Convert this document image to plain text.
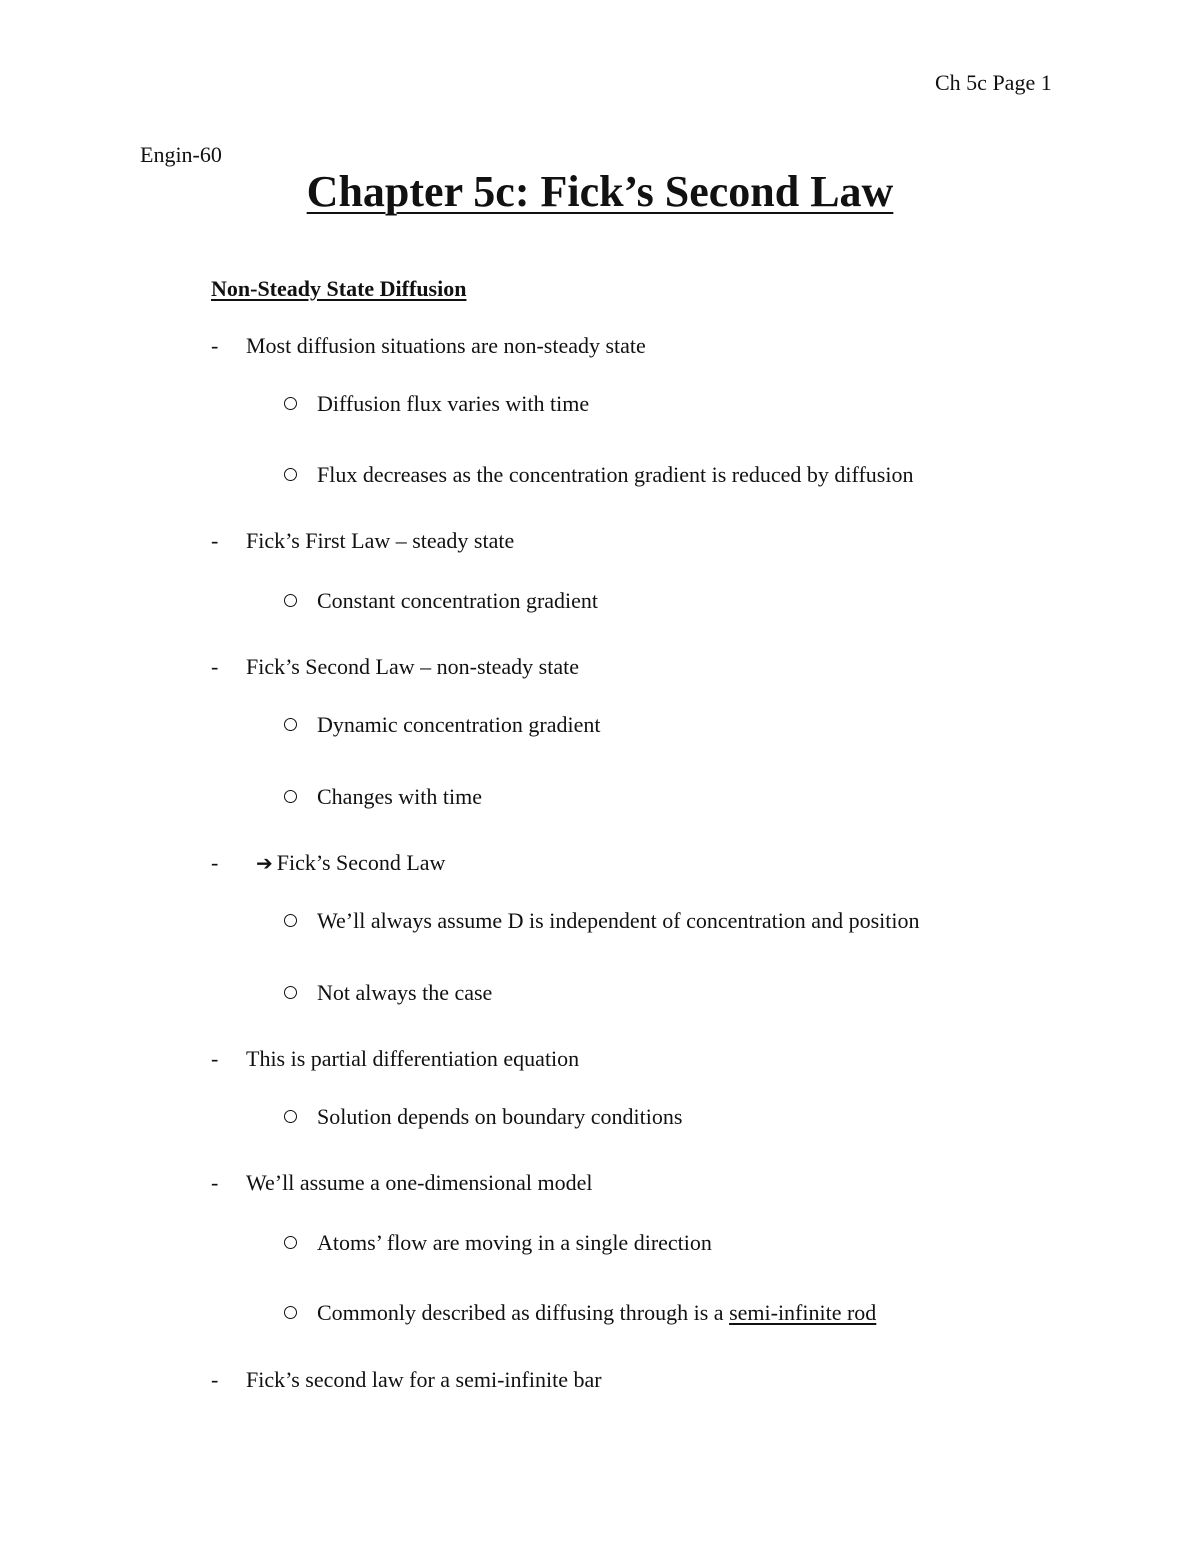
Ch 5c Page 1
Engin-60
Chapter 5c: Fick’s Second Law
Non-Steady State Diffusion
- Most diffusion situations are non-steady state
Diffusion flux varies with time
Flux decreases as the concentration gradient is reduced by diffusion
- Fick’s First Law – steady state
Constant concentration gradient
- Fick’s Second Law – non-steady state
Dynamic concentration gradient
Changes with time
- ➔ Fick’s Second Law
We’ll always assume D is independent of concentration and position
Not always the case
- This is partial differentiation equation
Solution depends on boundary conditions
- We’ll assume a one-dimensional model
Atoms’ flow are moving in a single direction
Commonly described as diffusing through is a semi-infinite rod
- Fick’s second law for a semi-infinite bar
